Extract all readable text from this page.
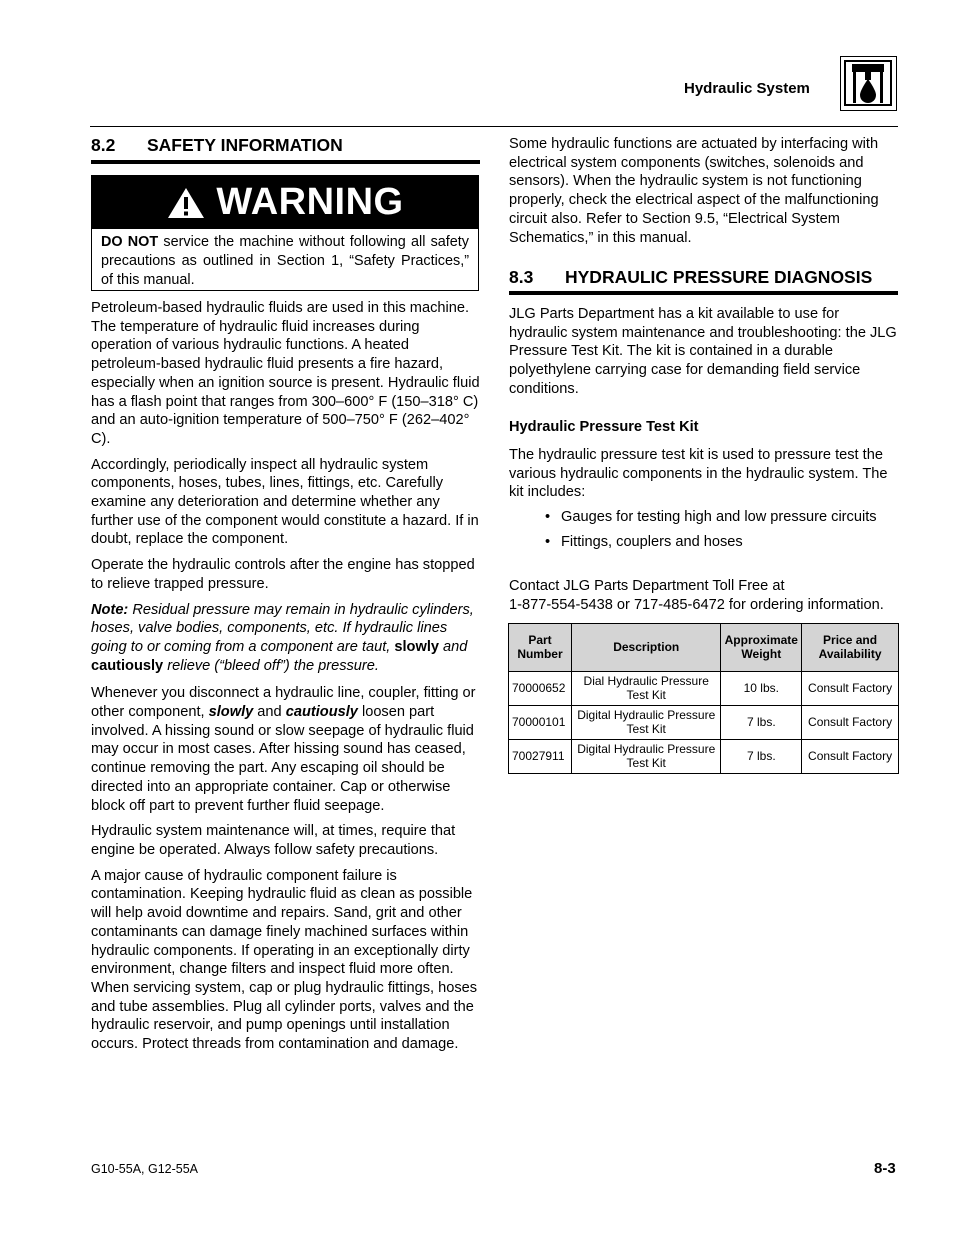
Hydraulic System
8.2 SAFETY INFORMATION
WARNING
DO NOT service the machine without following all safety precautions as outlined in Section 1, “Safety Practices,” of this manual.

Petroleum-based hydraulic fluids are used in this machine. The temperature of hydraulic fluid increases during operation of various hydraulic functions. A heated petroleum-based hydraulic fluid presents a fire hazard, especially when an ignition source is present. Hydraulic fluid has a flash point that ranges from 300–600° F (150–318° C) and an auto-ignition temperature of 500–750° F (262–402° C).

Accordingly, periodically inspect all hydraulic system components, hoses, tubes, lines, fittings, etc. Carefully examine any deterioration and determine whether any further use of the component would constitute a hazard. If in doubt, replace the component.

Operate the hydraulic controls after the engine has stopped to relieve trapped pressure.

Note: Residual pressure may remain in hydraulic cylinders, hoses, valve bodies, components, etc. If hydraulic lines going to or coming from a component are taut, slowly and cautiously relieve (“bleed off”) the pressure.

Whenever you disconnect a hydraulic line, coupler, fitting or other component, slowly and cautiously loosen part involved. A hissing sound or slow seepage of hydraulic fluid may occur in most cases. After hissing sound has ceased, continue removing the part. Any escaping oil should be directed into an appropriate container. Cap or otherwise block off part to prevent further fluid seepage.

Hydraulic system maintenance will, at times, require that engine be operated. Always follow safety precautions.

A major cause of hydraulic component failure is contamination. Keeping hydraulic fluid as clean as possible will help avoid downtime and repairs. Sand, grit and other contaminants can damage finely machined surfaces within hydraulic components. If operating in an exceptionally dirty environment, change filters and inspect fluid more often. When servicing system, cap or plug hydraulic fittings, hoses and tube assemblies. Plug all cylinder ports, valves and the hydraulic reservoir, and pump openings until installation occurs. Protect threads from contamination and damage.

Some hydraulic functions are actuated by interfacing with electrical system components (switches, solenoids and sensors). When the hydraulic system is not functioning properly, check the electrical aspect of the malfunctioning circuit also. Refer to Section 9.5, “Electrical System Schematics,” in this manual.
8.3 HYDRAULIC PRESSURE DIAGNOSIS
JLG Parts Department has a kit available to use for hydraulic system maintenance and troubleshooting: the JLG Pressure Test Kit. The kit is contained in a durable polyethylene carrying case for demanding field service conditions.
Hydraulic Pressure Test Kit
The hydraulic pressure test kit is used to pressure test the various hydraulic components in the hydraulic system. The kit includes:
• Gauges for testing high and low pressure circuits
• Fittings, couplers and hoses
Contact JLG Parts Department Toll Free at
1-877-554-5438 or 717-485-6472 for ordering information.
Part Number	Description	Approximate Weight	Price and Availability
70000652	Dial Hydraulic Pressure Test Kit	10 lbs.	Consult Factory
70000101	Digital Hydraulic Pressure Test Kit	7 lbs.	Consult Factory
70027911	Digital Hydraulic Pressure Test Kit	7 lbs.	Consult Factory
G10-55A, G12-55A	8-3
